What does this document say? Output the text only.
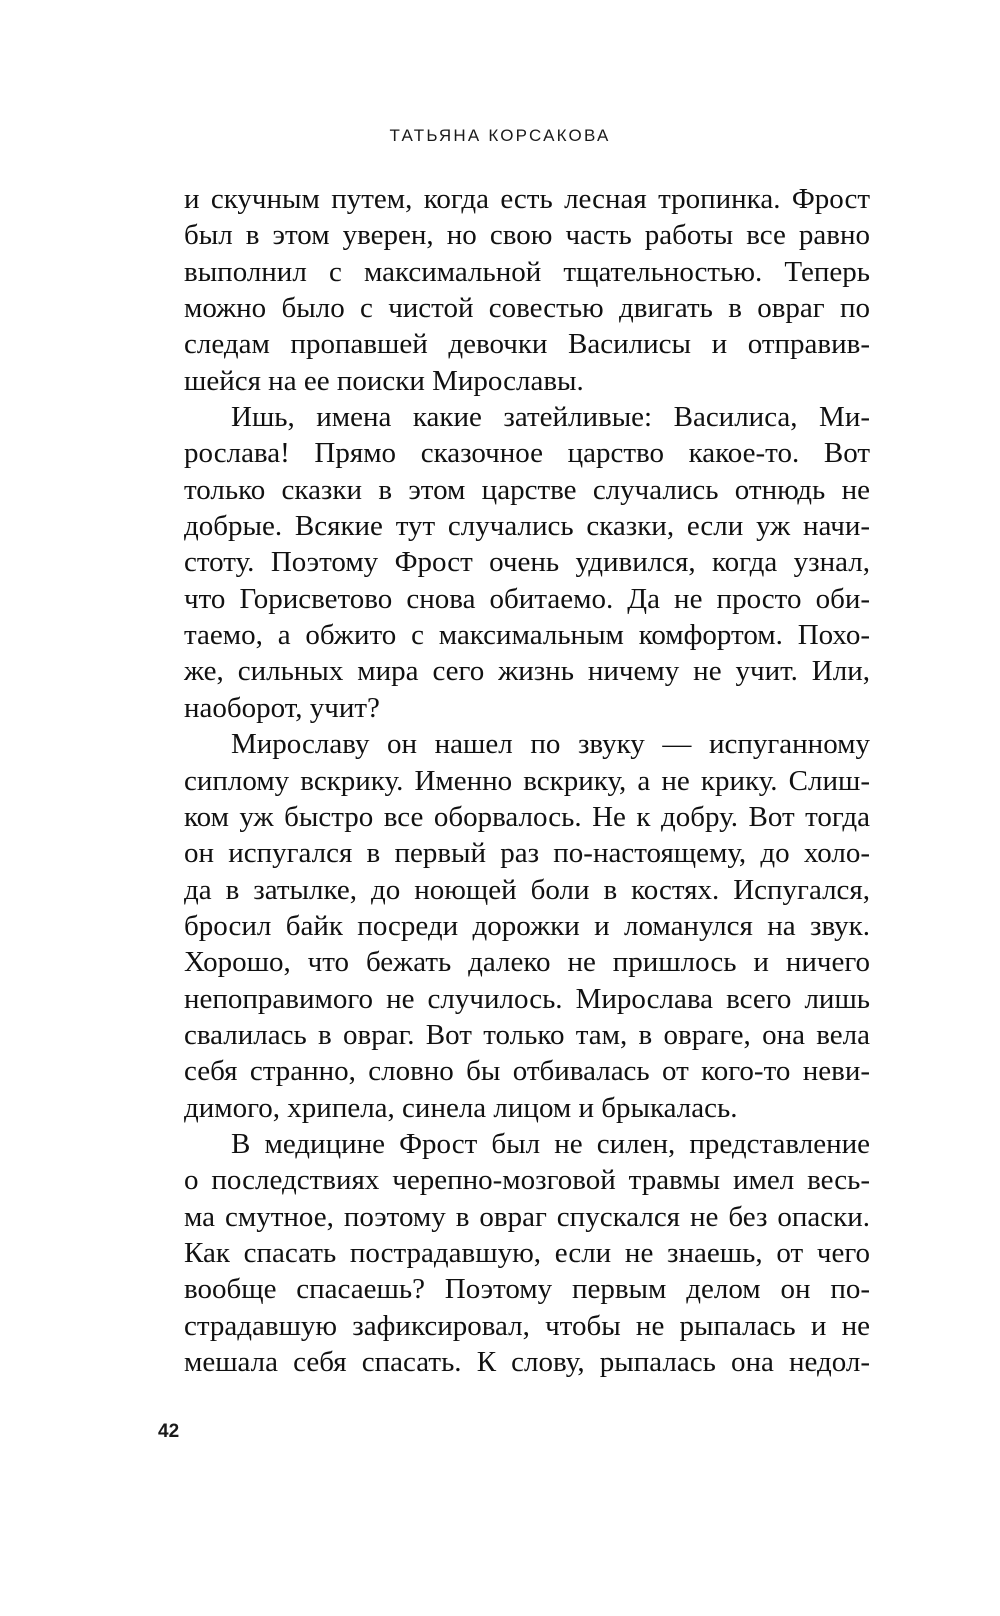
ТАТЬЯНА КОРСАКОВА
и скучным путем, когда есть лесная тропинка. Фрост
был в этом уверен, но свою часть работы все равно
выполнил с максимальной тщательностью. Теперь
можно было с чистой совестью двигать в овраг по
следам пропавшей девочки Василисы и отправив-
шейся на ее поиски Мирославы.
Ишь, имена какие затейливые: Василиса, Ми-
рослава! Прямо сказочное царство какое-то. Вот
только сказки в этом царстве случались отнюдь не
добрые. Всякие тут случались сказки, если уж начи-
стоту. Поэтому Фрост очень удивился, когда узнал,
что Горисветово снова обитаемо. Да не просто оби-
таемо, а обжито с максимальным комфортом. Похо-
же, сильных мира сего жизнь ничему не учит. Или,
наоборот, учит?
Мирославу он нашел по звуку — испуганному
сиплому вскрику. Именно вскрику, а не крику. Слиш-
ком уж быстро все оборвалось. Не к добру. Вот тогда
он испугался в первый раз по-настоящему, до холо-
да в затылке, до ноющей боли в костях. Испугался,
бросил байк посреди дорожки и ломанулся на звук.
Хорошо, что бежать далеко не пришлось и ничего
непоправимого не случилось. Мирослава всего лишь
свалилась в овраг. Вот только там, в овраге, она вела
себя странно, словно бы отбивалась от кого-то неви-
димого, хрипела, синела лицом и брыкалась.
В медицине Фрост был не силен, представление
о последствиях черепно-мозговой травмы имел весь-
ма смутное, поэтому в овраг спускался не без опаски.
Как спасать пострадавшую, если не знаешь, от чего
вообще спасаешь? Поэтому первым делом он по-
страдавшую зафиксировал, чтобы не рыпалась и не
мешала себя спасать. К слову, рыпалась она недол-
42
